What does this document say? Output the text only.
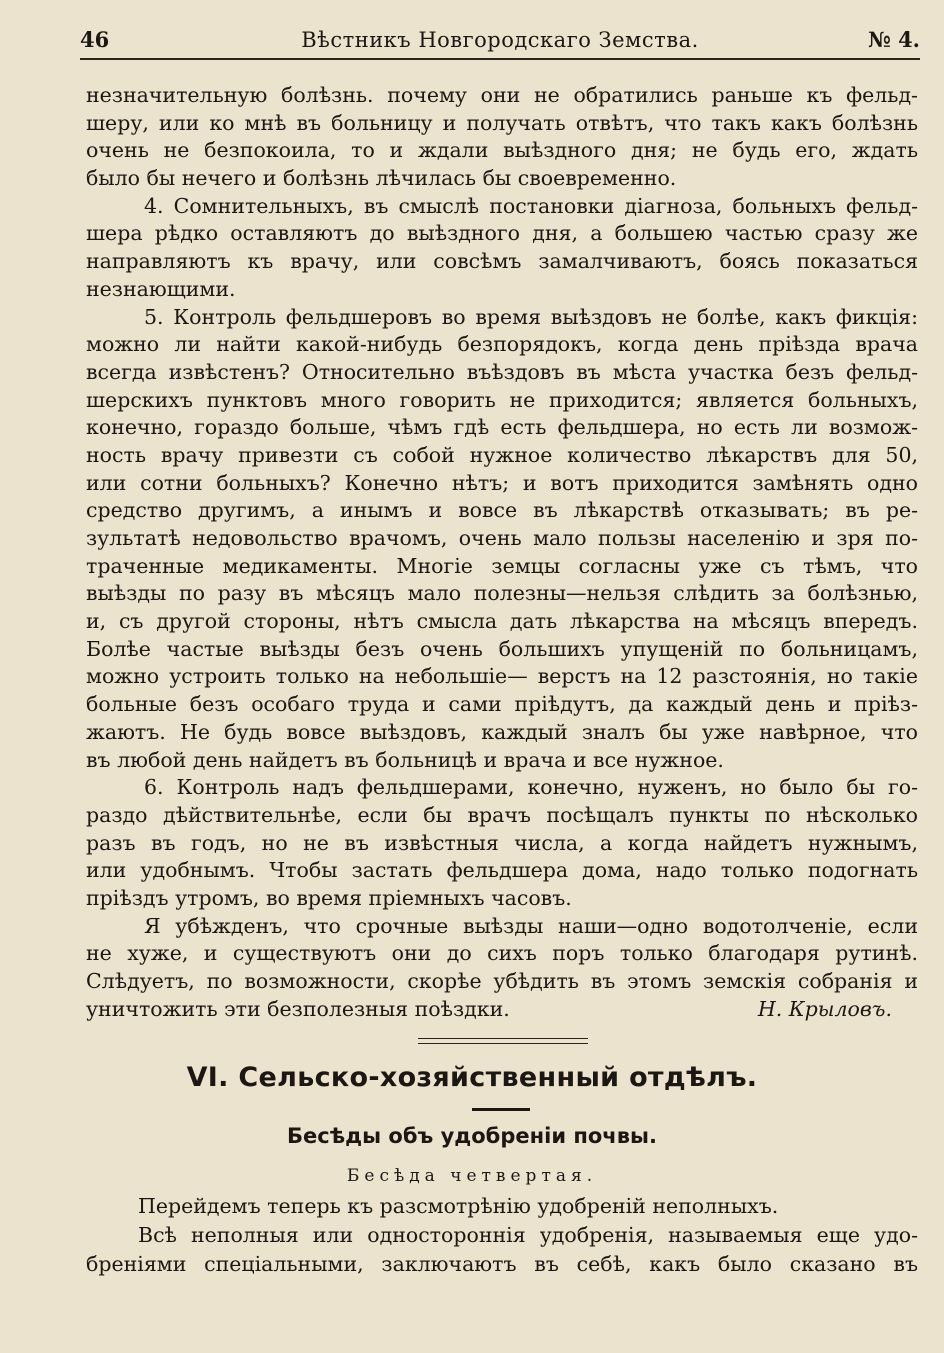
46	Вѣстникъ Новгородскаго Земства.	№ 4.
незначительную болѣзнь. почему они не обратились раньше къ фельд-
шеру, или ко мнѣ въ больницу и получать отвѣтъ, что такъ какъ болѣзнь
очень не безпокоила, то и ждали выѣздного дня; не будь его, ждать
было бы нечего и болѣзнь лѣчилась бы своевременно.
4. Сомнительныхъ, въ смыслѣ постановки діагноза, больныхъ фельд-
шера рѣдко оставляютъ до выѣздного дня, а большею частью сразу же
направляютъ къ врачу, или совсѣмъ замалчиваютъ, боясь показаться
незнающими.
5. Контроль фельдшеровъ во время выѣздовъ не болѣе, какъ фикція:
можно ли найти какой-нибудь безпорядокъ, когда день пріѣзда врача
всегда извѣстенъ? Относительно въѣздовъ въ мѣста участка безъ фельд-
шерскихъ пунктовъ много говорить не приходится; является больныхъ,
конечно, гораздо больше, чѣмъ гдѣ есть фельдшера, но есть ли возмож-
ность врачу привезти съ собой нужное количество лѣкарствъ для 50,
или сотни больныхъ? Конечно нѣтъ; и вотъ приходится замѣнять одно
средство другимъ, а инымъ и вовсе въ лѣкарствѣ отказывать; въ ре-
зультатѣ недовольство врачомъ, очень мало пользы населенію и зря по-
траченные медикаменты. Многіе земцы согласны уже съ тѣмъ, что
выѣзды по разу въ мѣсяцъ мало полезны—нельзя слѣдить за болѣзнью,
и, съ другой стороны, нѣтъ смысла дать лѣкарства на мѣсяцъ впередъ.
Болѣе частые выѣзды безъ очень большихъ упущеній по больницамъ,
можно устроить только на небольшіе— верстъ на 12 разстоянія, но такіе
больные безъ особаго труда и сами пріѣдутъ, да каждый день и пріѣз-
жаютъ. Не будь вовсе выѣздовъ, каждый зналъ бы уже навѣрное, что
въ любой день найдетъ въ больницѣ и врача и все нужное.
6. Контроль надъ фельдшерами, конечно, нуженъ, но было бы го-
раздо дѣйствительнѣе, если бы врачъ посѣщалъ пункты по нѣсколько
разъ въ годъ, но не въ извѣстныя числа, а когда найдетъ нужнымъ,
или удобнымъ. Чтобы застать фельдшера дома, надо только подогнать
пріѣздъ утромъ, во время пріемныхъ часовъ.
Я убѣжденъ, что срочные выѣзды наши—одно водотолченіе, если
не хуже, и существуютъ они до сихъ поръ только благодаря рутинѣ.
Слѣдуетъ, по возможности, скорѣе убѣдить въ этомъ земскія собранія и
уничтожить эти безполезныя поѣздки.	Н. Крыловъ.
VI. Сельско-хозяйственный отдѣлъ.
Бесѣды объ удобреніи почвы.
Бесѣда четвертая.
Перейдемъ теперь къ разсмотрѣнію удобреній неполныхъ.
Всѣ неполныя или одностороннія удобренія, называемыя еще удо-
бреніями спеціальными, заключаютъ въ себѣ, какъ было сказано въ
